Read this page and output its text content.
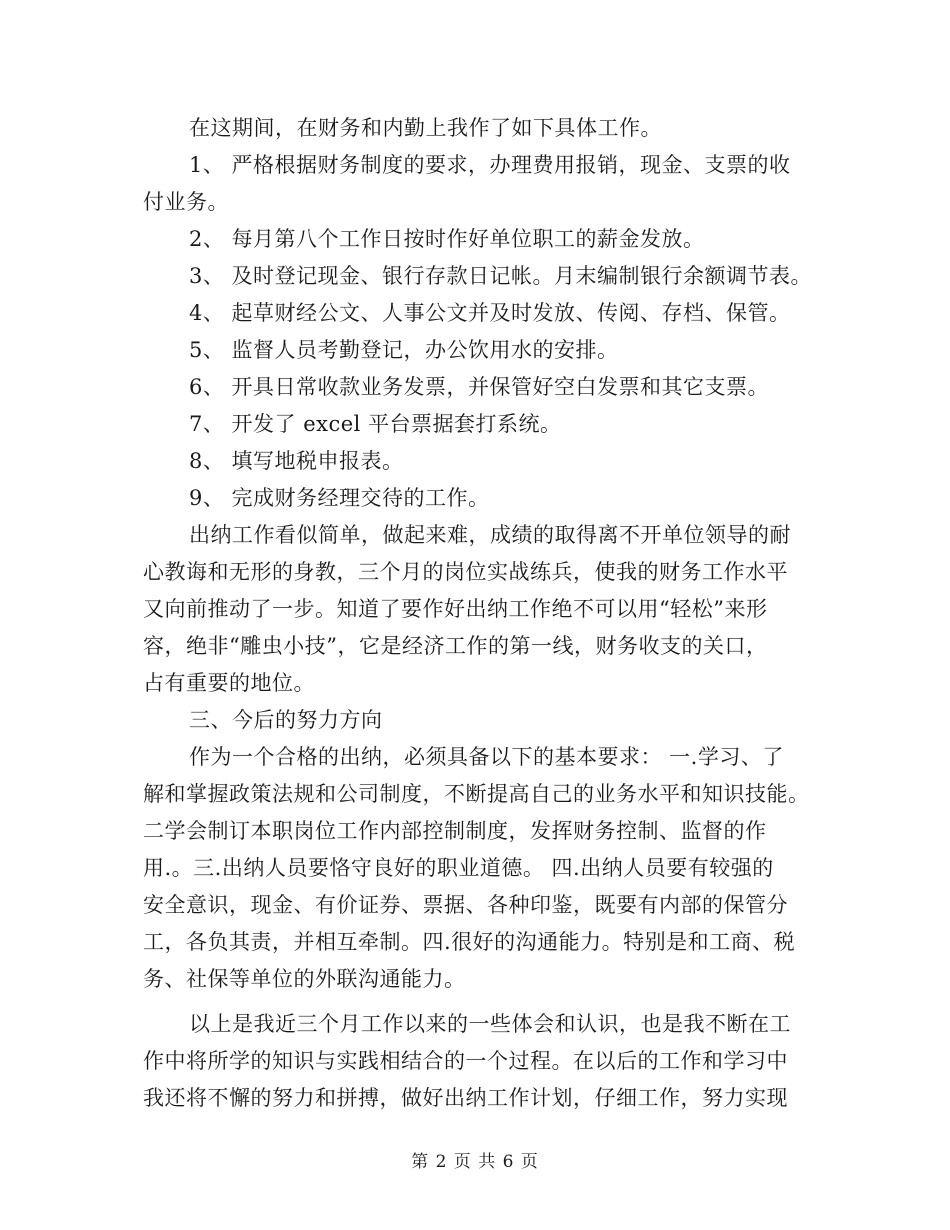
在这期间，在财务和内勤上我作了如下具体工作。
1、 严格根据财务制度的要求，办理费用报销，现金、支票的收
付业务。
2、 每月第八个工作日按时作好单位职工的薪金发放。
3、 及时登记现金、银行存款日记帐。月末编制银行余额调节表。
4、 起草财经公文、人事公文并及时发放、传阅、存档、保管。
5、 监督人员考勤登记，办公饮用水的安排。
6、 开具日常收款业务发票，并保管好空白发票和其它支票。
7、 开发了 excel 平台票据套打系统。
8、 填写地税申报表。
9、 完成财务经理交待的工作。
出纳工作看似简单，做起来难，成绩的取得离不开单位领导的耐
心教诲和无形的身教，三个月的岗位实战练兵，使我的财务工作水平
又向前推动了一步。知道了要作好出纳工作绝不可以用“轻松”来形
容，绝非“雕虫小技”，它是经济工作的第一线，财务收支的关口，
占有重要的地位。
三、今后的努力方向
作为一个合格的出纳，必须具备以下的基本要求： 一.学习、了
解和掌握政策法规和公司制度，不断提高自己的业务水平和知识技能。
二学会制订本职岗位工作内部控制制度，发挥财务控制、监督的作
用.。三.出纳人员要恪守良好的职业道德。 四.出纳人员要有较强的
安全意识，现金、有价证券、票据、各种印鉴，既要有内部的保管分
工，各负其责，并相互牵制。四.很好的沟通能力。特别是和工商、税
务、社保等单位的外联沟通能力。
以上是我近三个月工作以来的一些体会和认识，也是我不断在工
作中将所学的知识与实践相结合的一个过程。在以后的工作和学习中
我还将不懈的努力和拼搏，做好出纳工作计划，仔细工作，努力实现
第 2 页 共 6 页
